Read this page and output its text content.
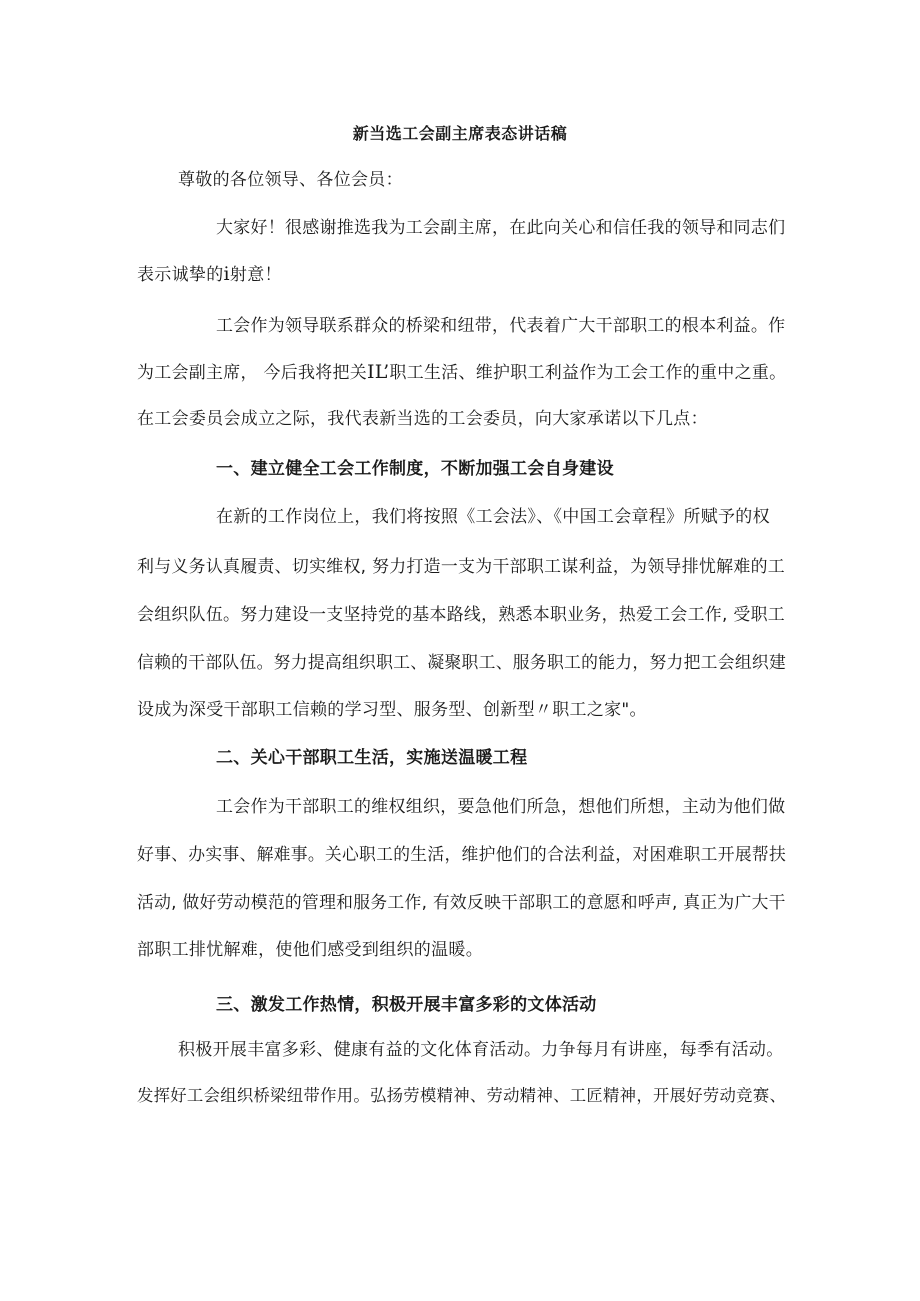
新当选工会副主席表态讲话稿
尊敬的各位领导、各位会员：
大家好！很感谢推选我为工会副主席，在此向关心和信任我的领导和同志们
表示诚挚的i射意！
工会作为领导联系群众的桥梁和纽带，代表着广大干部职工的根本利益。作
为工会副主席， 今后我将把关IL’职工生活、维护职工利益作为工会工作的重中之重。
在工会委员会成立之际，我代表新当选的工会委员，向大家承诺以下几点：
一、建立健全工会工作制度，不断加强工会自身建设
在新的工作岗位上，我们将按照《工会法》、《中国工会章程》所赋予的权
利与义务认真履责、切实维权, 努力打造一支为干部职工谋利益，为领导排忧解难的工
会组织队伍。努力建设一支坚持党的基本路线，熟悉本职业务，热爱工会工作, 受职工
信赖的干部队伍。努力提高组织职工、凝聚职工、服务职工的能力，努力把工会组织建
设成为深受干部职工信赖的学习型、服务型、创新型〃职工之家"。
二、关心干部职工生活，实施送温暖工程
工会作为干部职工的维权组织，要急他们所急，想他们所想，主动为他们做
好事、办实事、解难事。关心职工的生活，维护他们的合法利益，对困难职工开展帮扶
活动, 做好劳动模范的管理和服务工作, 有效反映干部职工的意愿和呼声, 真正为广大干
部职工排忧解难，使他们感受到组织的温暖。
三、激发工作热情，积极开展丰富多彩的文体活动
积极开展丰富多彩、健康有益的文化体育活动。力争每月有讲座，每季有活动。
发挥好工会组织桥梁纽带作用。弘扬劳模精神、劳动精神、工匠精神，开展好劳动竞赛、
